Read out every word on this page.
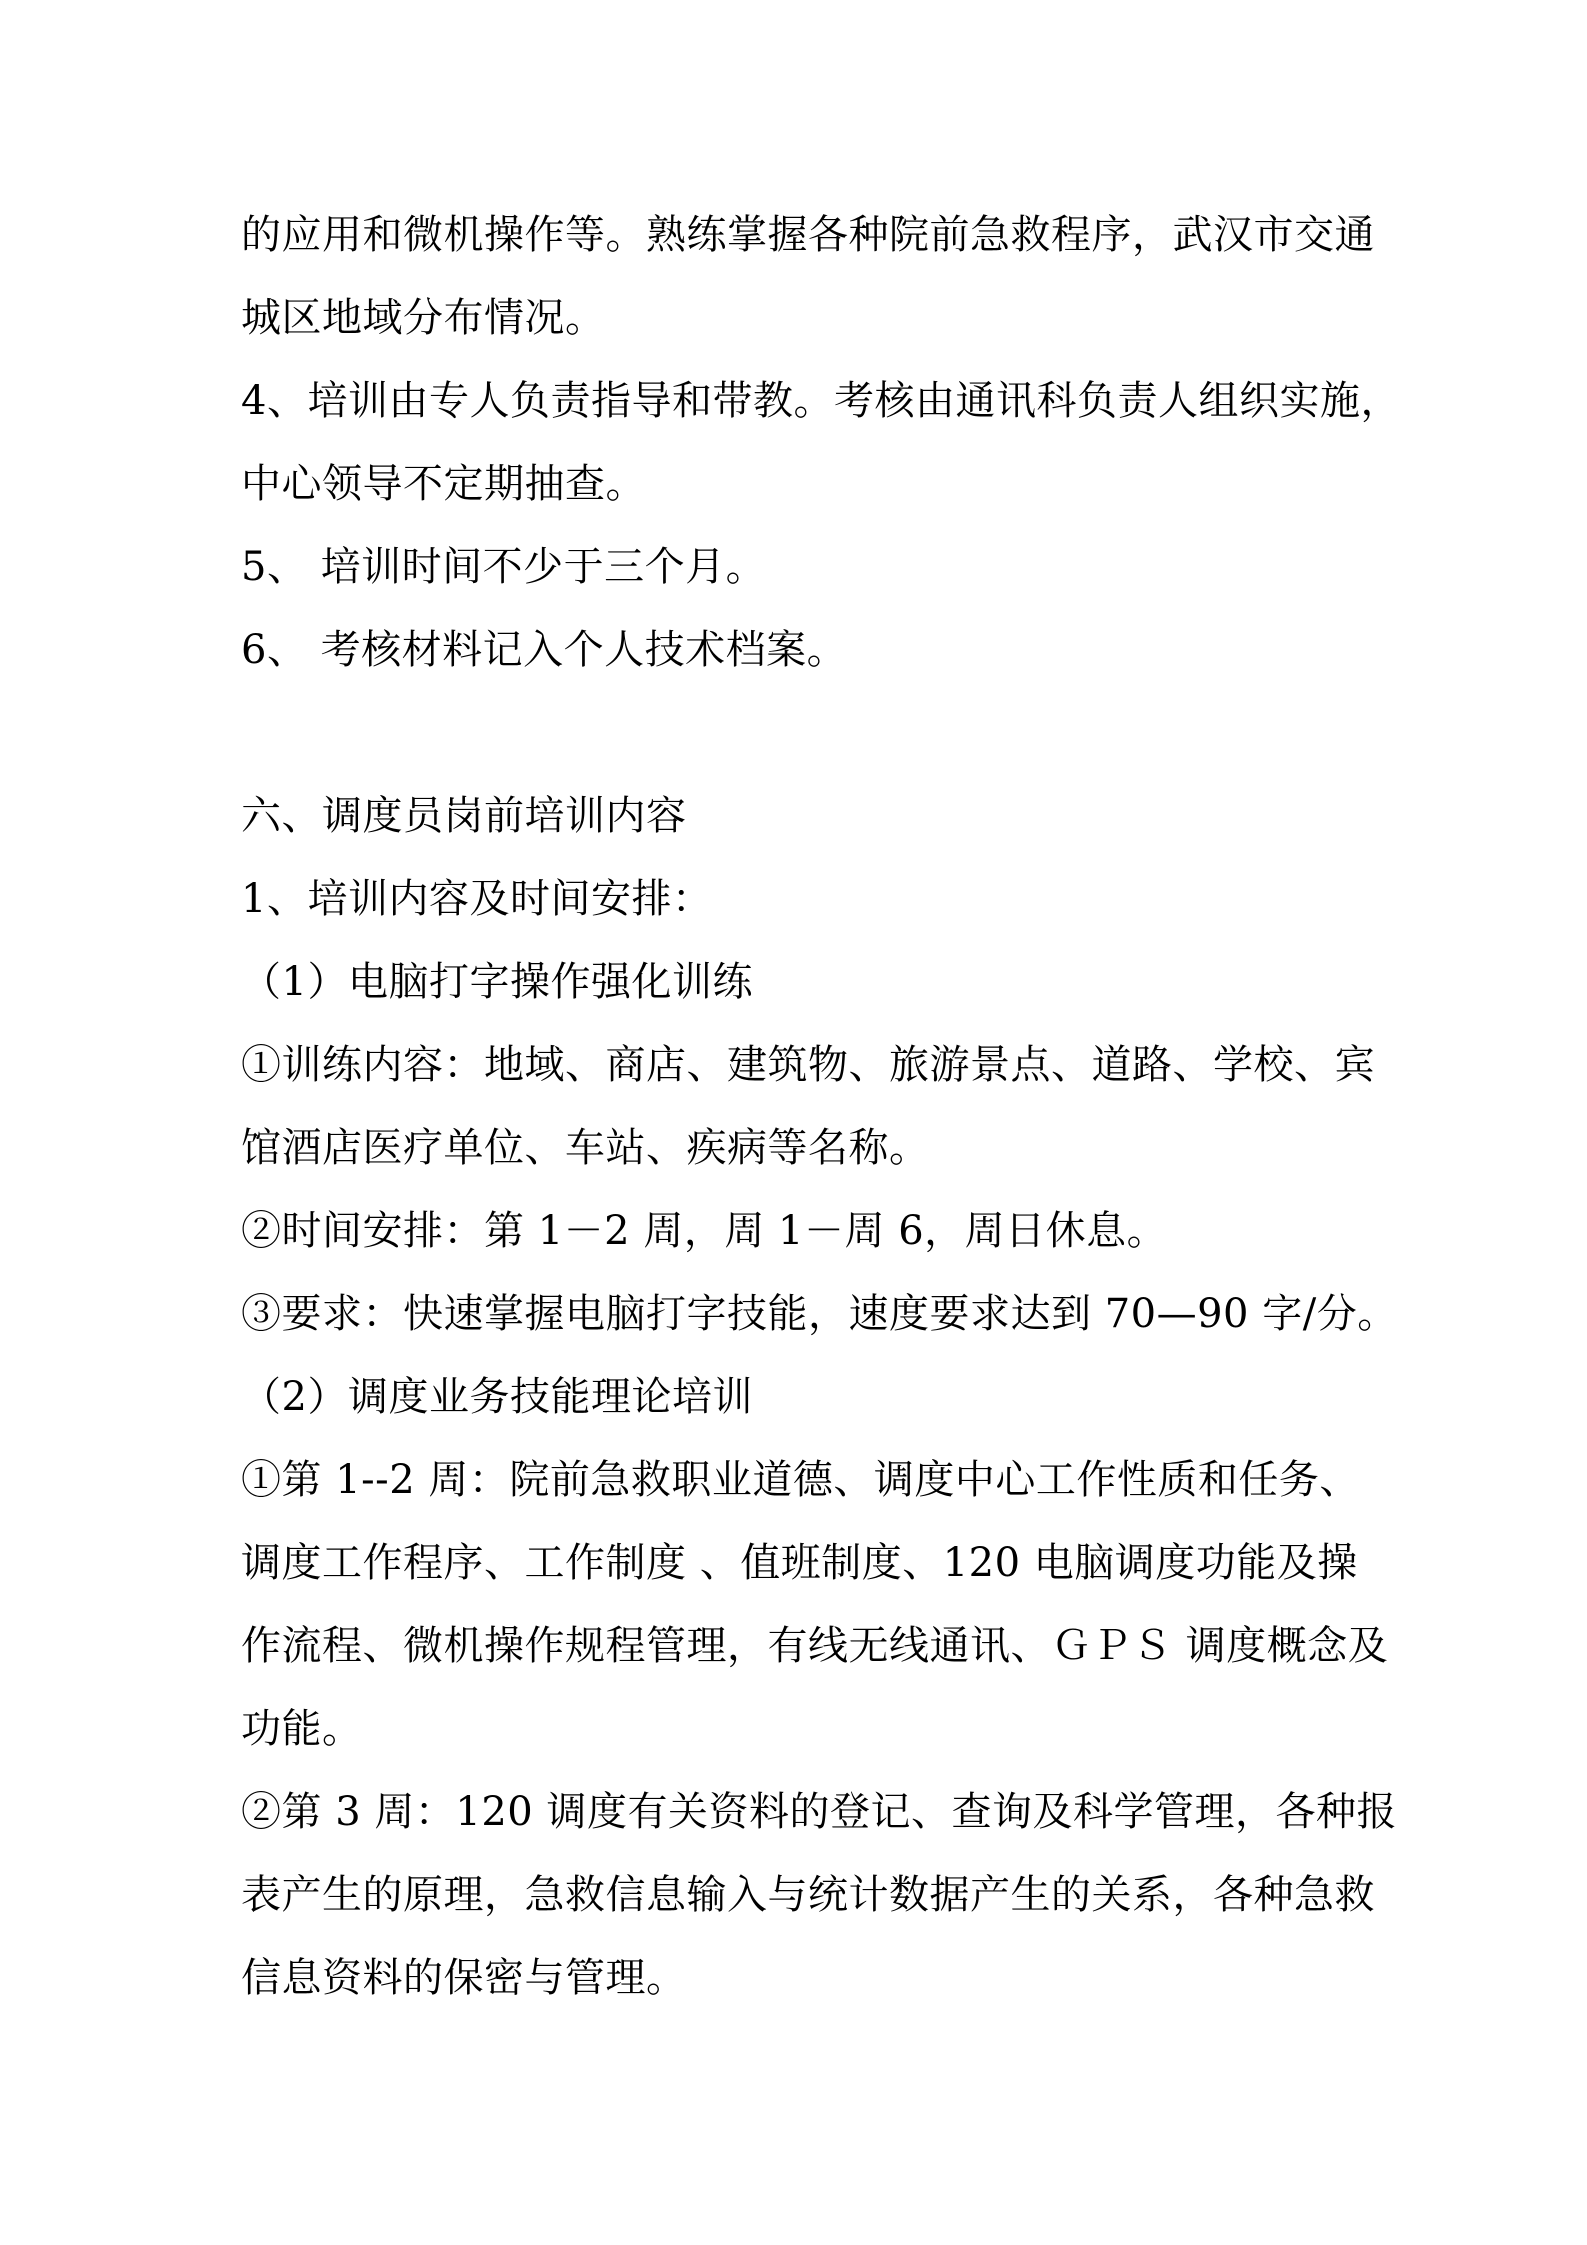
的应用和微机操作等。熟练掌握各种院前急救程序，武汉市交通
城区地域分布情况。
4、培训由专人负责指导和带教。考核由通讯科负责人组织实施，
中心领导不定期抽查。
5、 培训时间不少于三个月。
6、 考核材料记入个人技术档案。
六、调度员岗前培训内容
1、培训内容及时间安排：
（1）电脑打字操作强化训练
①训练内容：地域、商店、建筑物、旅游景点、道路、学校、宾
馆酒店医疗单位、车站、疾病等名称。
②时间安排：第 1－2 周，周 1－周 6，周日休息。
③要求：快速掌握电脑打字技能，速度要求达到 70—90 字/分。
（2）调度业务技能理论培训
①第 1--2 周：院前急救职业道德、调度中心工作性质和任务、
调度工作程序、工作制度 、值班制度、120 电脑调度功能及操
作流程、微机操作规程管理，有线无线通讯、ＧＰＳ 调度概念及
功能。
②第 3 周：120 调度有关资料的登记、查询及科学管理，各种报
表产生的原理，急救信息输入与统计数据产生的关系，各种急救
信息资料的保密与管理。
